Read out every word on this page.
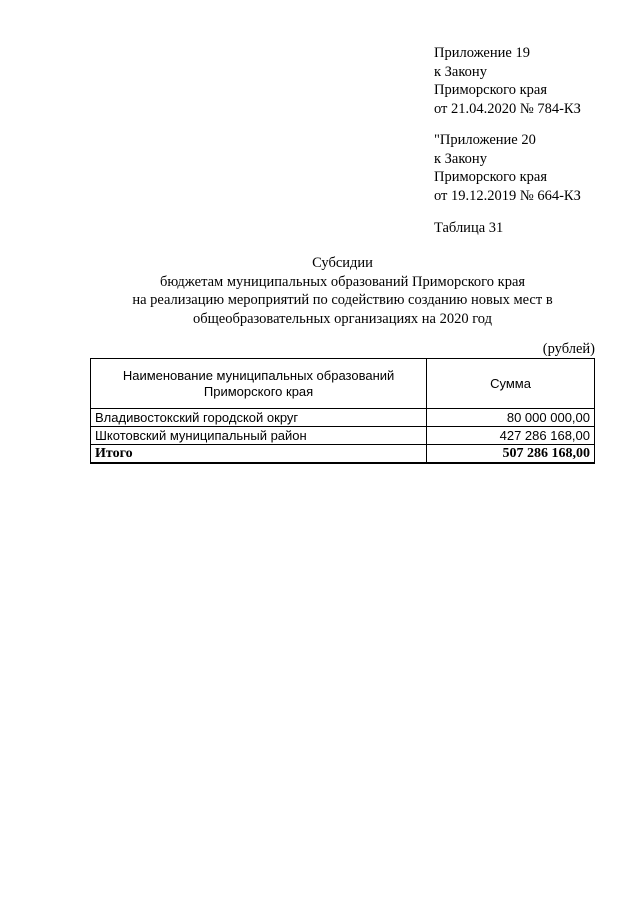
Приложение 19
к Закону
Приморского края
от 21.04.2020 № 784-КЗ
"Приложение 20
к Закону
Приморского края
от 19.12.2019 № 664-КЗ
Таблица 31
Субсидии
бюджетам муниципальных образований Приморского края
на реализацию мероприятий по содействию созданию новых мест в
общеобразовательных организациях на 2020 год
(рублей)
Наименование муниципальных образований
Приморского края	Сумма
Владивостокский городской округ	80 000 000,00
Шкотовский муниципальный район	427 286 168,00
Итого	507 286 168,00
